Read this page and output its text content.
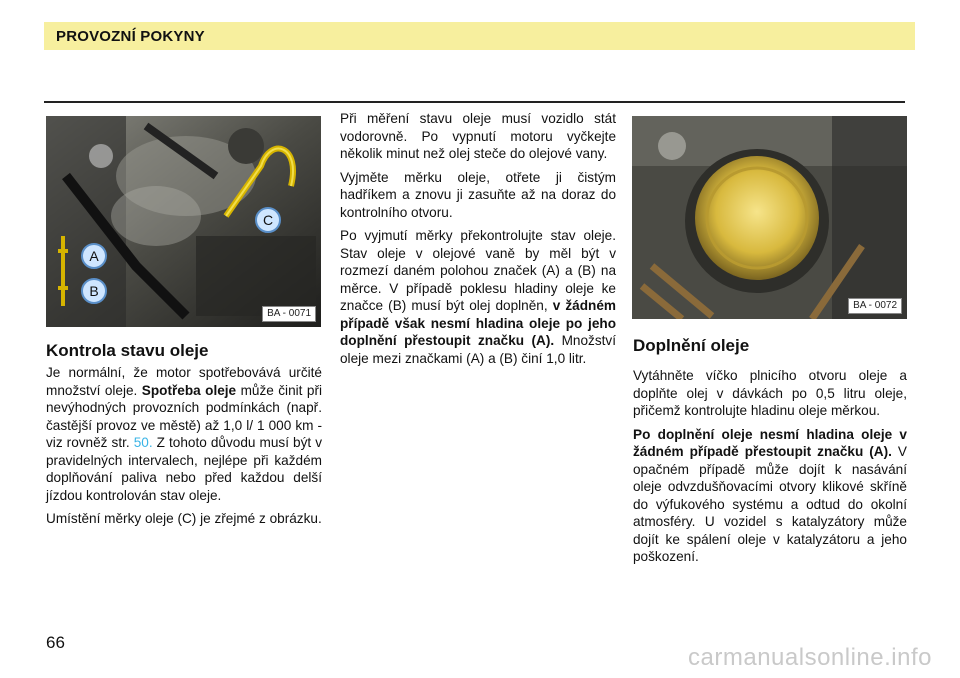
PROVOZNÍ POKYNY
A
B
C
BA - 0071
BA - 0072
Kontrola stavu oleje

Je normální, že motor spotřebovává určité množství oleje. Spotřeba oleje může činit při nevýhodných provozních podmínkách (např. častější provoz ve městě) až 1,0 l/ 1 000 km - viz rovněž str. 50. Z tohoto důvodu musí být v pravidelných intervalech, nejlépe při každém doplňování paliva nebo před každou delší jízdou kontrolován stav oleje.

Umístění měrky oleje (C) je zřejmé z obrázku.

Při měření stavu oleje musí vozidlo stát vodorovně. Po vypnutí motoru vyčkejte několik minut než olej steče do olejové vany.

Vyjměte měrku oleje, otřete ji čistým hadříkem a znovu ji zasuňte až na doraz do kontrolního otvoru.

Po vyjmutí měrky překontrolujte stav oleje. Stav oleje v olejové vaně by měl být v rozmezí daném polohou značek (A) a (B) na měrce. V případě poklesu hladiny oleje ke značce (B) musí být olej doplněn, v žádném případě však nesmí hladina oleje po jeho doplnění přestoupit značku (A). Množství oleje mezi značkami (A) a (B) činí 1,0 litr.

Doplnění oleje

Vytáhněte víčko plnicího otvoru oleje a doplňte olej v dávkách po 0,5 litru oleje, přičemž kontrolujte hladinu oleje měrkou.

Po doplnění oleje nesmí hladina oleje v žádném případě přestoupit značku (A). V opačném případě může dojít k nasávání oleje odvzdušňovacími otvory klikové skříně do výfukového systému a odtud do okolní atmosféry. U vozidel s katalyzátory může dojít ke spálení oleje v katalyzátoru a jeho poškození.

66
carmanualsonline.info
